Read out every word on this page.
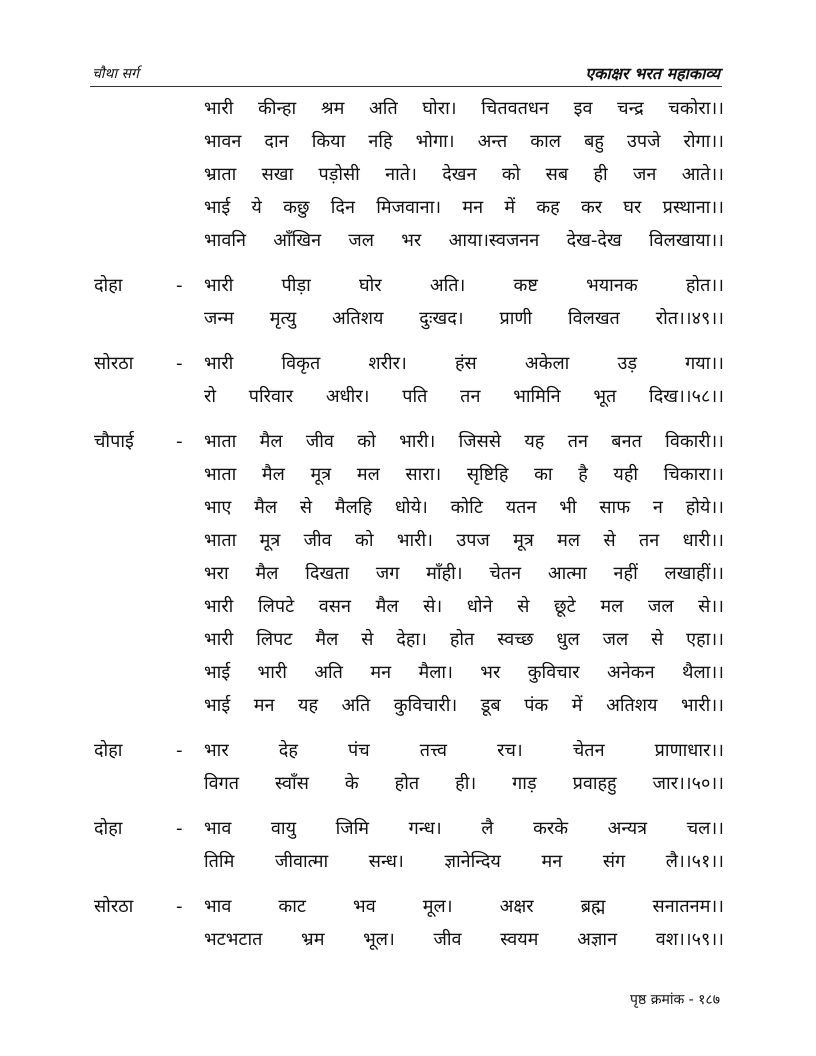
चौथा सर्ग	एकाक्षर भरत महाकाव्य
भारी कीन्हा श्रम अति घोरा। चितवतधन इव चन्द्र चकोरा।।
भावन दान किया नहि भोगा। अन्त काल बहु उपजे रोगा।।
भ्राता सखा पड़ोसी नाते। देखन को सब ही जन आते।।
भाई ये कछु दिन मिजवाना। मन में कह कर घर प्रस्थाना।।
भावनि आँखिन जल भर आया।स्वजनन देख-देख विलखाया।।
दोहा	- भारी पीड़ा घोर अति। कष्ट भयानक होत।।
जन्म मृत्यु अतिशय दुःखद। प्राणी विलखत रोत।।४९।।
सोरठा - भारी विकृत शरीर। हंस अकेला उड़ गया।।
रो परिवार अधीर। पति तन भामिनि भूत दिख।।५८।।
चौपाई - भाता मैल जीव को भारी। जिससे यह तन बनत विकारी।।
भाता मैल मूत्र मल सारा। सृष्टिहि का है यही चिकारा।।
भाए मैल से मैलहि धोये। कोटि यतन भी साफ न होये।।
भाता मूत्र जीव को भारी। उपज मूत्र मल से तन धारी।।
भरा मैल दिखता जग माँही। चेतन आत्मा नहीं लखाहीं।।
भारी लिपटे वसन मैल से। धोने से छूटे मल जल से।।
भारी लिपट मैल से देहा। होत स्वच्छ धुल जल से एहा।।
भाई भारी अति मन मैला। भर कुविचार अनेकन थैला।।
भाई मन यह अति कुविचारी। डूब पंक में अतिशय भारी।।
दोहा	- भार देह पंच तत्त्व रच। चेतन प्राणाधार।।
विगत स्वाँस के होत ही। गाड़ प्रवाहहु जार।।५०।।
दोहा	- भाव वायु जिमि गन्ध। लै करके अन्यत्र चल।।
तिमि जीवात्मा सन्ध। ज्ञानेन्दिय मन संग लै।।५१।।
सोरठा - भाव काट भव मूल। अक्षर ब्रह्म सनातनम।।
भटभटात भ्रम भूल। जीव स्वयम अज्ञान वश।।५९।।
पृष्ठ क्रमांक - १८७
